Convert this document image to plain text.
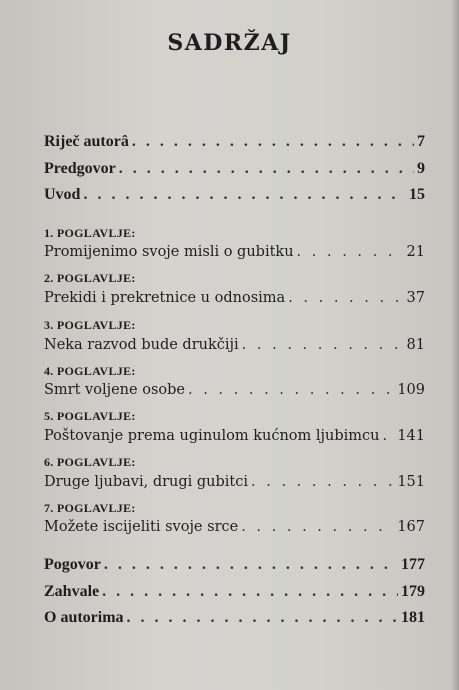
SADRŽAJ
Riječ autorâ . . .	7
Predgovor . . .	9
Uvod . . .	15
1. POGLAVLJE:
Promijenimo svoje misli o gubitku . . .	21
2. POGLAVLJE:
Prekidi i prekretnice u odnosima . . .	37
3. POGLAVLJE:
Neka razvod bude drukčiji . . .	81
4. POGLAVLJE:
Smrt voljene osobe . . .	109
5. POGLAVLJE:
Poštovanje prema uginulom kućnom ljubimcu . . . 141
6. POGLAVLJE:
Druge ljubavi, drugi gubitci . . .	151
7. POGLAVLJE:
Možete iscijeliti svoje srce . . .	167
Pogovor . . .	177
Zahvale . . .	179
O autorima . . .	181
